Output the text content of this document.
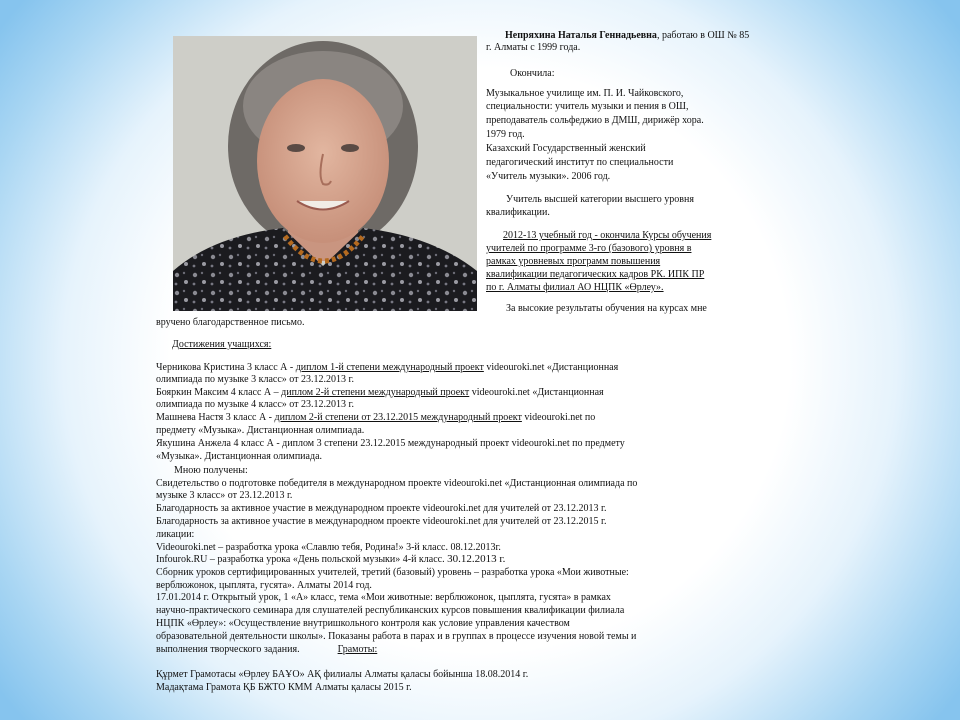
Непряхина Наталья Геннадьевна, работаю в ОШ № 85 г. Алматы с 1999 года.
Окончила:
Музыкальное училище им. П. И. Чайковского,
специальности: учитель музыки и пения в ОШ,
преподаватель сольфеджио в ДМШ, дирижёр хора.
1979 год.
Казахский Государственный женский
педагогический институт по специальности
«Учитель музыки». 2006 год.
Учитель высшей категории высшего уровня
квалификации.
2012-13 учебный год - окончила Курсы обучения
учителей по программе 3-го (базового) уровня в
рамках уровневых программ повышения
квалификации педагогических кадров РК. ИПК ПР
по г. Алматы филиал АО НЦПК «Өрлеу».
За высокие результаты обучения на курсах мне
вручено благодарственное письмо.
Достижения учащихся:
Черникова Кристина 3 класс А - диплом 1-й степени международный проект videouroki.net «Дистанционная
олимпиада по музыке 3 класс» от 23.12.2013 г.
Бояркин Максим 4 класс А – диплом 2-й степени международный проект videouroki.net «Дистанционная
олимпиада по музыке 4 класс» от 23.12.2013 г.
Машнева Настя 3 класс А - диплом 2-й степени от 23.12.2015 международный проект videouroki.net по
предмету «Музыка». Дистанционная олимпиада.
Якушина Анжела 4 класс А - диплом 3 степени 23.12.2015 международный проект videouroki.net по предмету
«Музыка». Дистанционная олимпиада.
Мною получены:
Свидетельство о подготовке победителя в международном проекте videouroki.net «Дистанционная олимпиада по
музыке 3 класс» от 23.12.2013 г.
Благодарность за активное участие в международном проекте videouroki.net для учителей от 23.12.2013 г.
Благодарность за активное участие в международном проекте videouroki.net для учителей от 23.12.2015 г.
ликации:
Videouroki.net – разработка урока «Славлю тебя, Родина!» 3-й класс. 08.12.2013г.
Infourok.RU – разработка урока «День польской музыки» 4-й класс. 30.12.2013 г.
Сборник уроков сертифицированных учителей, третий (базовый) уровень – разработка урока «Мои животные:
верблюжонок, цыплята, гусята». Алматы 2014 год.
17.01.2014 г. Открытый урок, 1 «А» класс, тема «Мои животные: верблюжонок, цыплята, гусята» в рамках
научно-практического семинара для слушателей республиканских курсов повышения квалификации филиала
НЦПК «Өрлеу»: «Осуществление внутришкольного контроля как условие управления качеством
образовательной деятельности школы». Показаны работа в парах и в группах в процессе изучения новой темы и
выполнения творческого задания.	Грамоты:
Құрмет Грамотасы «Өрлеу БАҰО» АҚ филиалы Алматы қаласы бойынша 18.08.2014 г.
Мадақтама Грамота ҚБ БЖТО КММ Алматы қаласы 2015 г.
